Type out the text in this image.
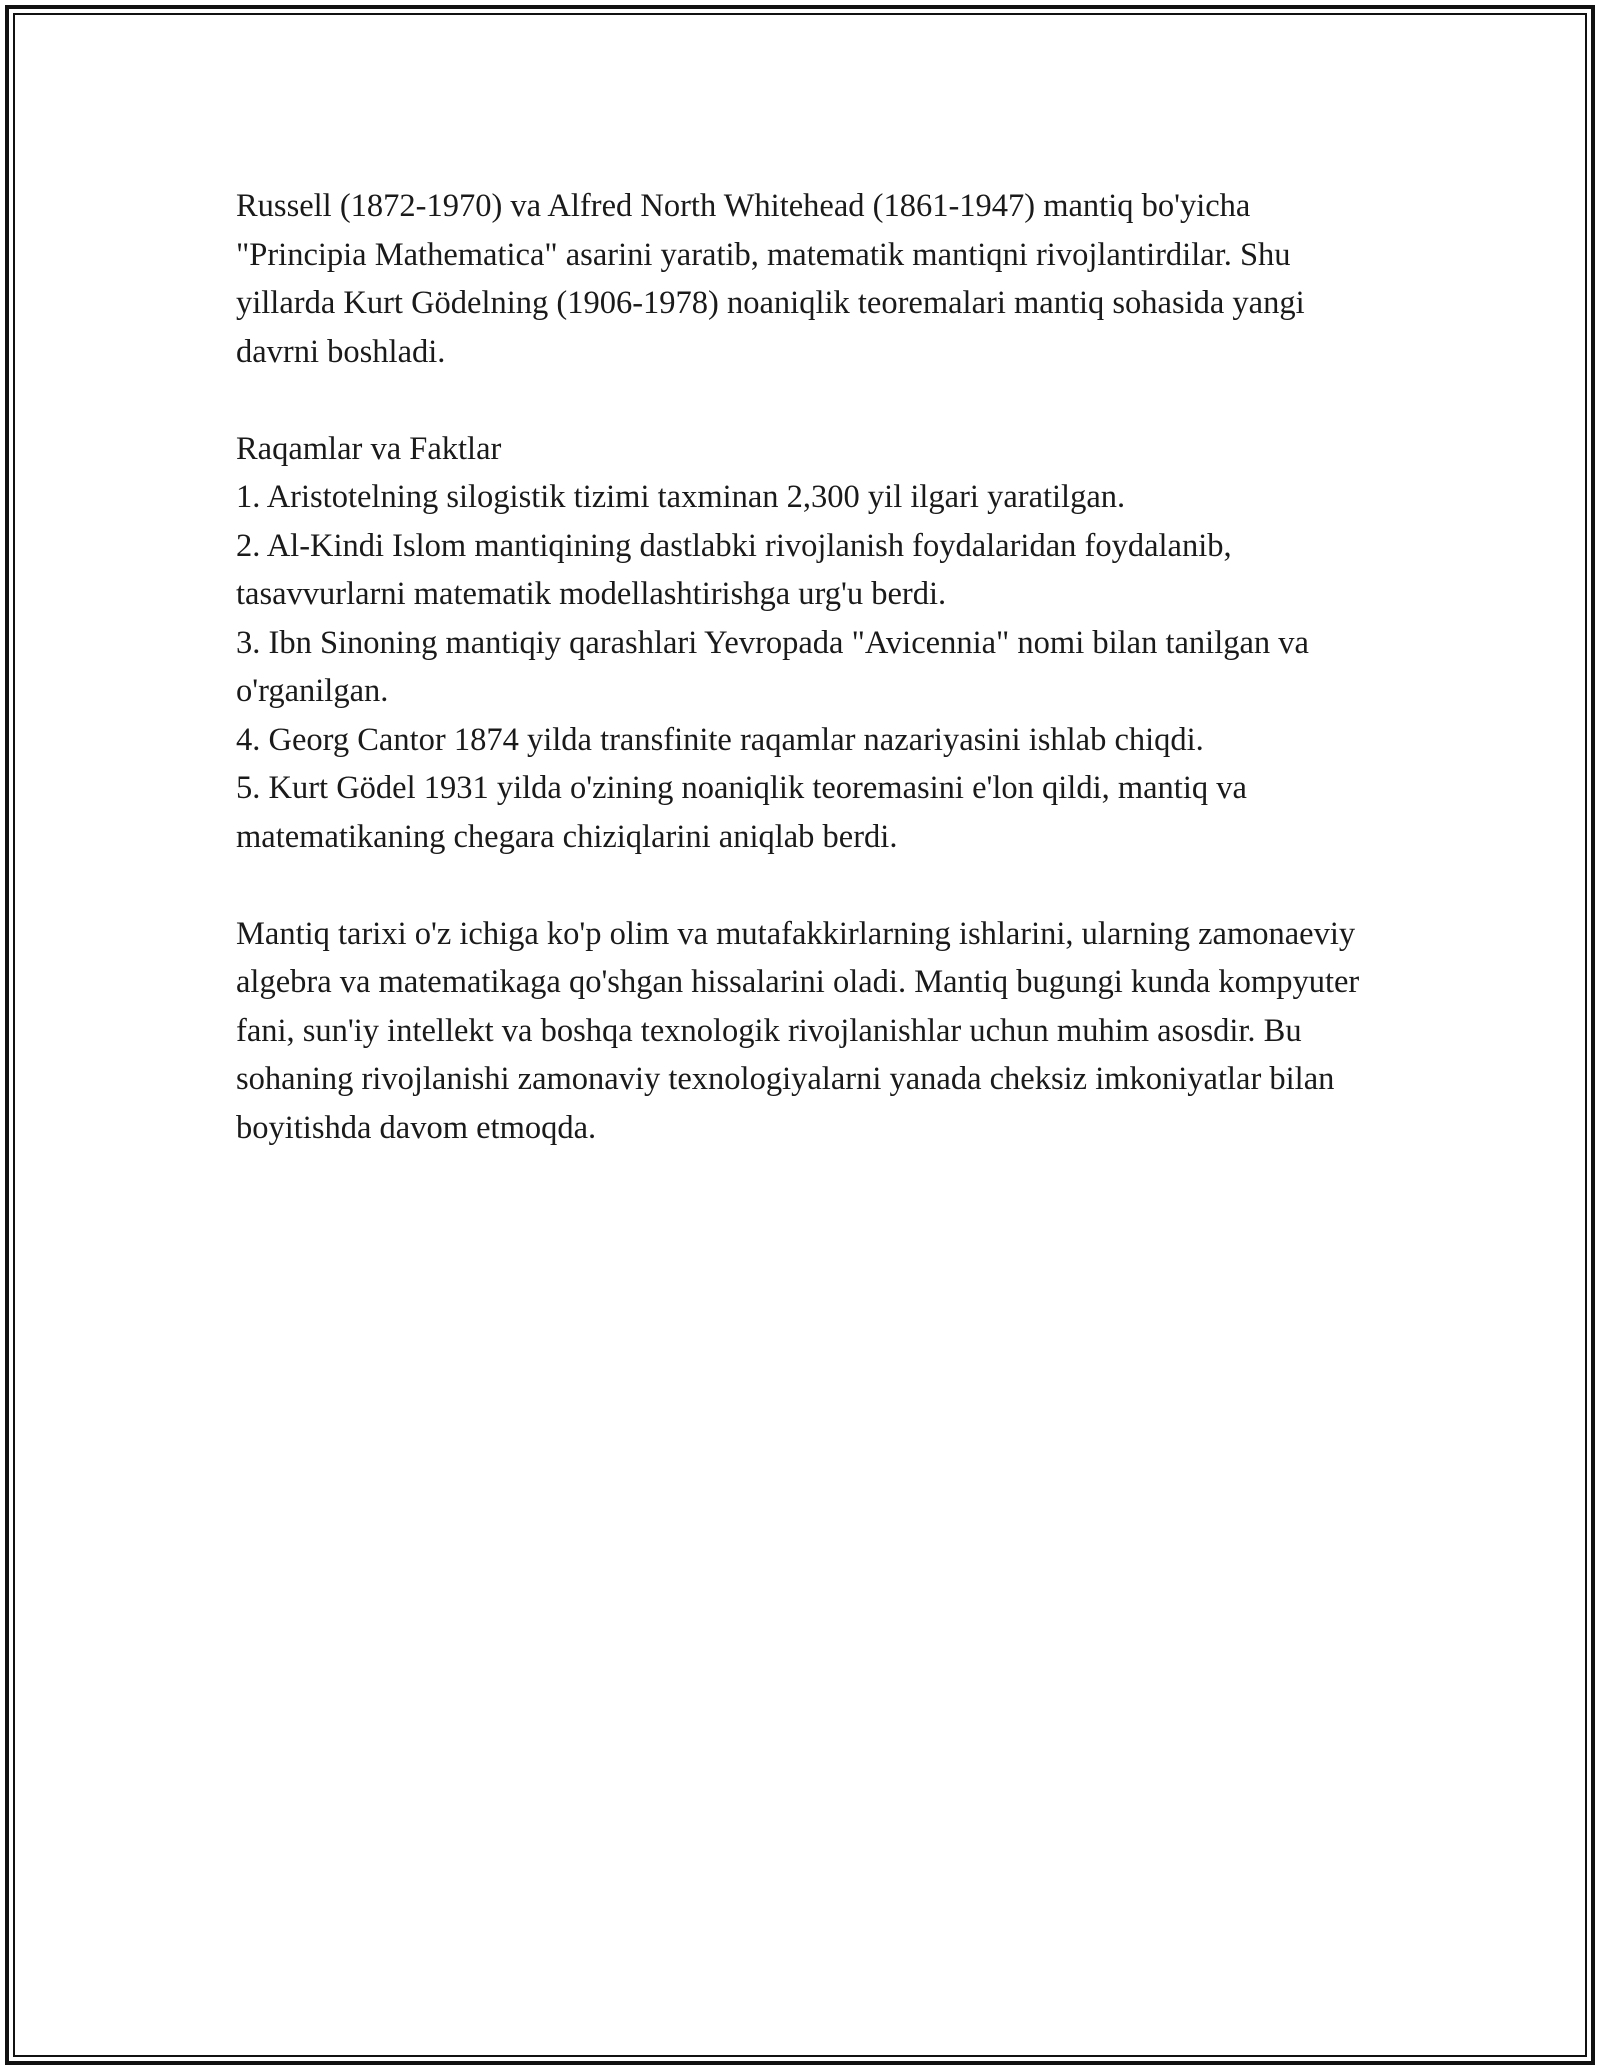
Russell (1872-1970) va Alfred North Whitehead (1861-1947) mantiq bo'yicha "Principia Mathematica" asarini yaratib, matematik mantiqni rivojlantirdilar. Shu yillarda Kurt Gödelning (1906-1978) noaniqlik teoremalari mantiq sohasida yangi davrni boshladi.

Raqamlar va Faktlar

1. Aristotelning silogistik tizimi taxminan 2,300 yil ilgari yaratilgan.
2. Al-Kindi Islom mantiqining dastlabki rivojlanish foydalaridan foydalanib, tasavvurlarni matematik modellashtirishga urg'u berdi.
3. Ibn Sinoning mantiqiy qarashlari Yevropada "Avicennia" nomi bilan tanilgan va o'rganilgan.
4. Georg Cantor 1874 yilda transfinite raqamlar nazariyasini ishlab chiqdi.
5. Kurt Gödel 1931 yilda o'zining noaniqlik teoremasini e'lon qildi, mantiq va matematikaning chegara chiziqlarini aniqlab berdi.

Mantiq tarixi o'z ichiga ko'p olim va mutafakkirlarning ishlarini, ularning zamonaeviy algebra va matematikaga qo'shgan hissalarini oladi. Mantiq bugungi kunda kompyuter fani, sun'iy intellekt va boshqa texnologik rivojlanishlar uchun muhim asosdir. Bu sohaning rivojlanishi zamonaviy texnologiyalarni yanada cheksiz imkoniyatlar bilan boyitishda davom etmoqda.
